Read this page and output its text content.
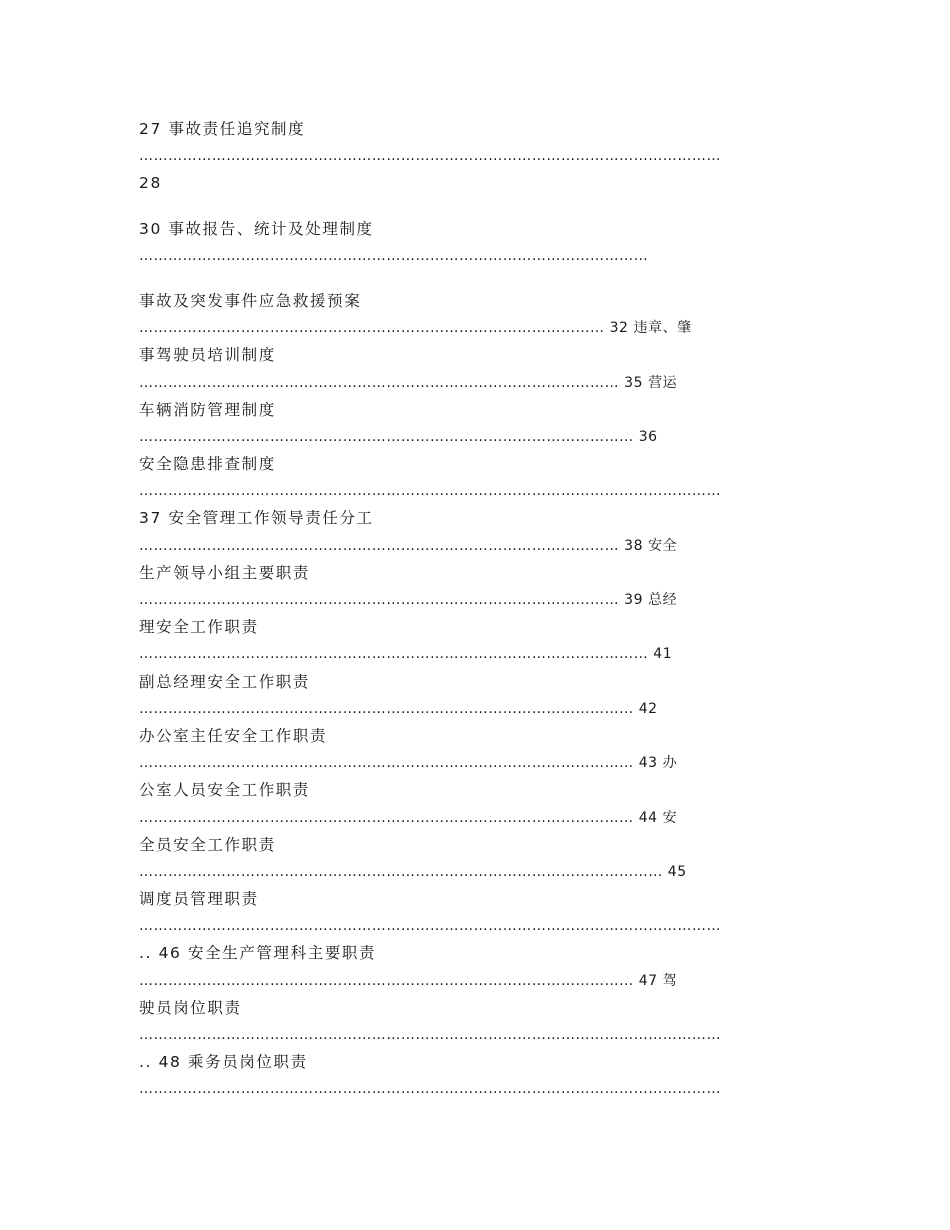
27 事故责任追究制度
…………………………………………………………………………………………………………
28
30 事故报告、统计及处理制度
……………………………………………………………………………………………
事故及突发事件应急救援预案
…………………………………………………………………………………… 32 违章、肇
事驾驶员培训制度
……………………………………………………………………………………… 35 营运
车辆消防管理制度
………………………………………………………………………………………… 36
安全隐患排查制度
…………………………………………………………………………………………………………
37 安全管理工作领导责任分工
……………………………………………………………………………………… 38 安全
生产领导小组主要职责
……………………………………………………………………………………… 39 总经
理安全工作职责
…………………………………………………………………………………………… 41
副总经理安全工作职责
………………………………………………………………………………………… 42
办公室主任安全工作职责
………………………………………………………………………………………… 43 办
公室人员安全工作职责
………………………………………………………………………………………… 44 安
全员安全工作职责
……………………………………………………………………………………………… 45
调度员管理职责
…………………………………………………………………………………………………………
.. 46 安全生产管理科主要职责
………………………………………………………………………………………… 47 驾
驶员岗位职责
…………………………………………………………………………………………………………
.. 48 乘务员岗位职责
…………………………………………………………………………………………………………
